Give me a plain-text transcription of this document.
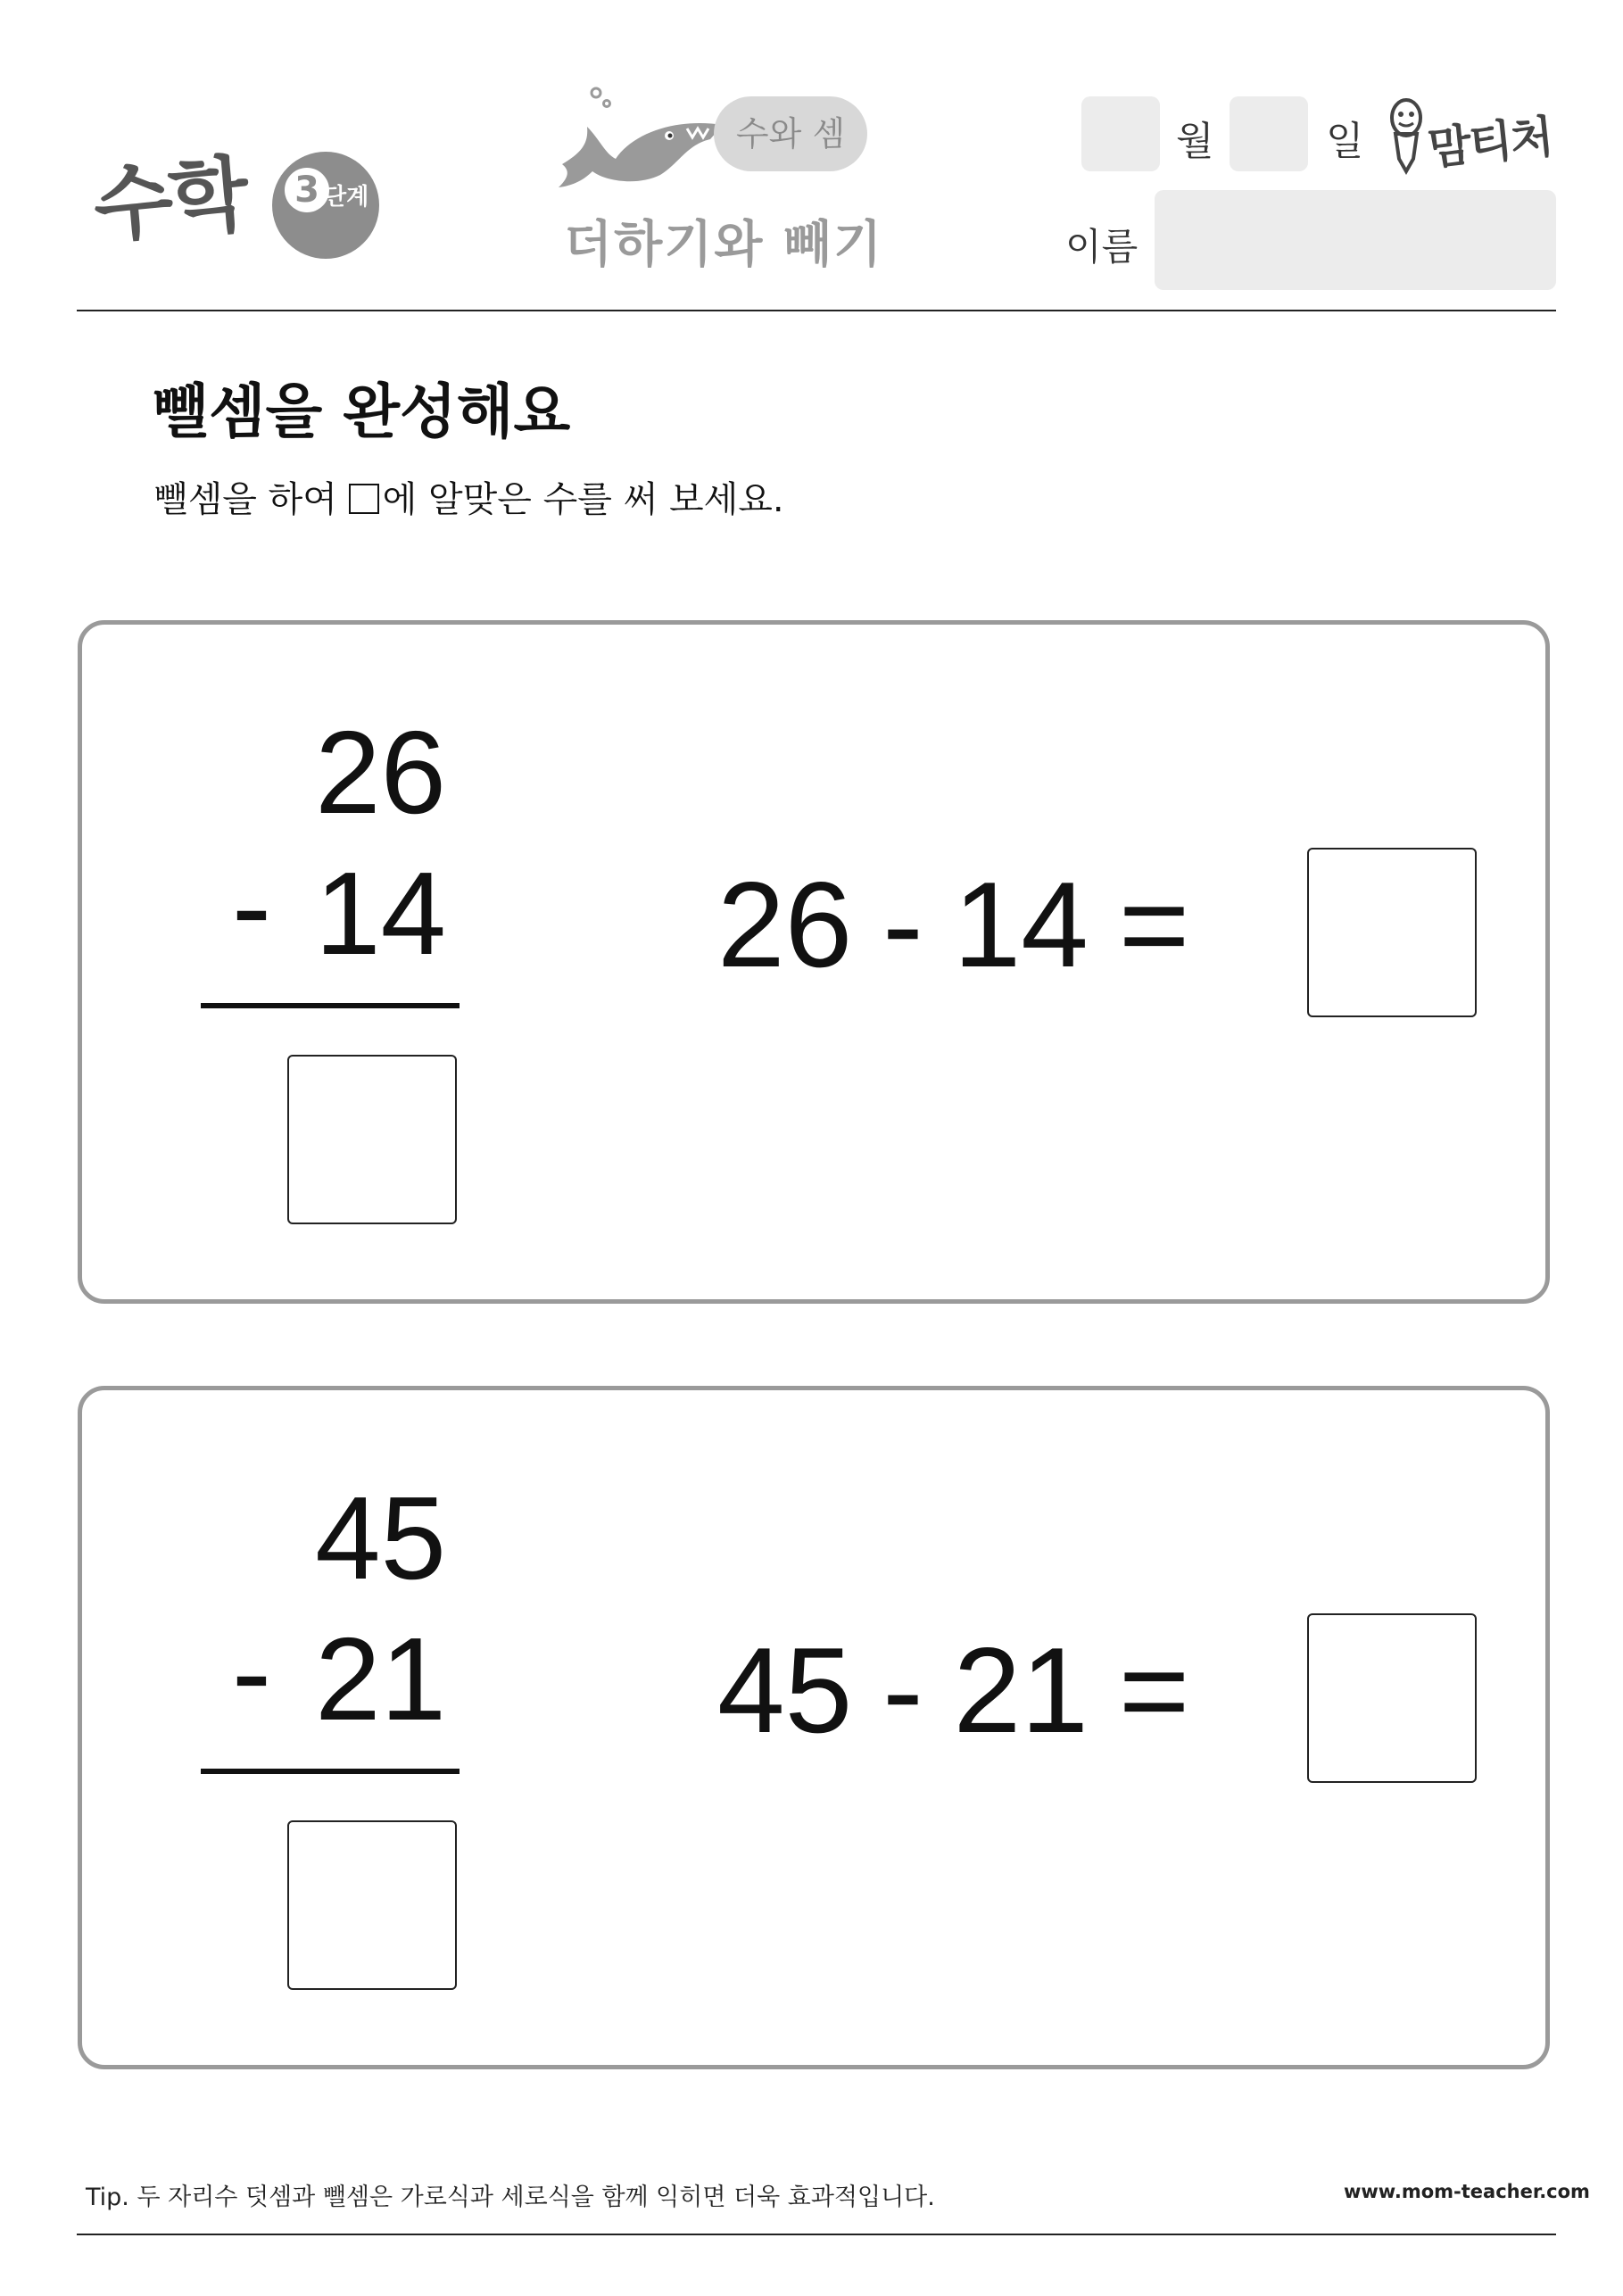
수학 3 단계
수와 셈
더하기와 빼기
월	일 맘티처
이름
뺄셈을 완성해요
뺄셈을 하여 에 알맞은 수를 써 보세요.
26
- 14 26 - 14 =
45
- 21 45 - 21 =
Tip. 두 자리수 덧셈과 뺄셈은 가로식과 세로식을 함께 익히면 더욱 효과적입니다.	www.mom-teacher.com
